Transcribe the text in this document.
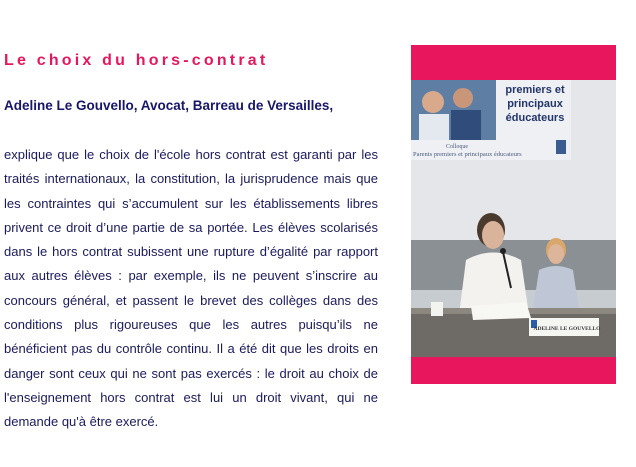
Le choix du hors-contrat
Adeline Le Gouvello, Avocat, Barreau de Versailles,
explique que le choix de l'école hors contrat est garanti par les traités internationaux, la constitution, la jurisprudence mais que les contraintes qui s’accumulent sur les établissements libres privent ce droit d’une partie de sa portée. Les élèves scolarisés dans le hors contrat subissent une rupture d’égalité par rapport aux autres élèves : par exemple, ils ne peuvent s’inscrire au concours général, et passent le brevet des collèges dans des conditions plus rigoureuses que les autres puisqu’ils ne bénéficient pas du contrôle continu. Il a été dit que les droits en danger sont ceux qui ne sont pas exercés : le droit au choix de l'enseignement hors contrat est lui un droit vivant, qui ne demande qu'à être exercé.
premiers et
principaux
éducateurs
Colloque
Parents premiers et principaux éducateurs
ADELINE LE GOUVELLO
